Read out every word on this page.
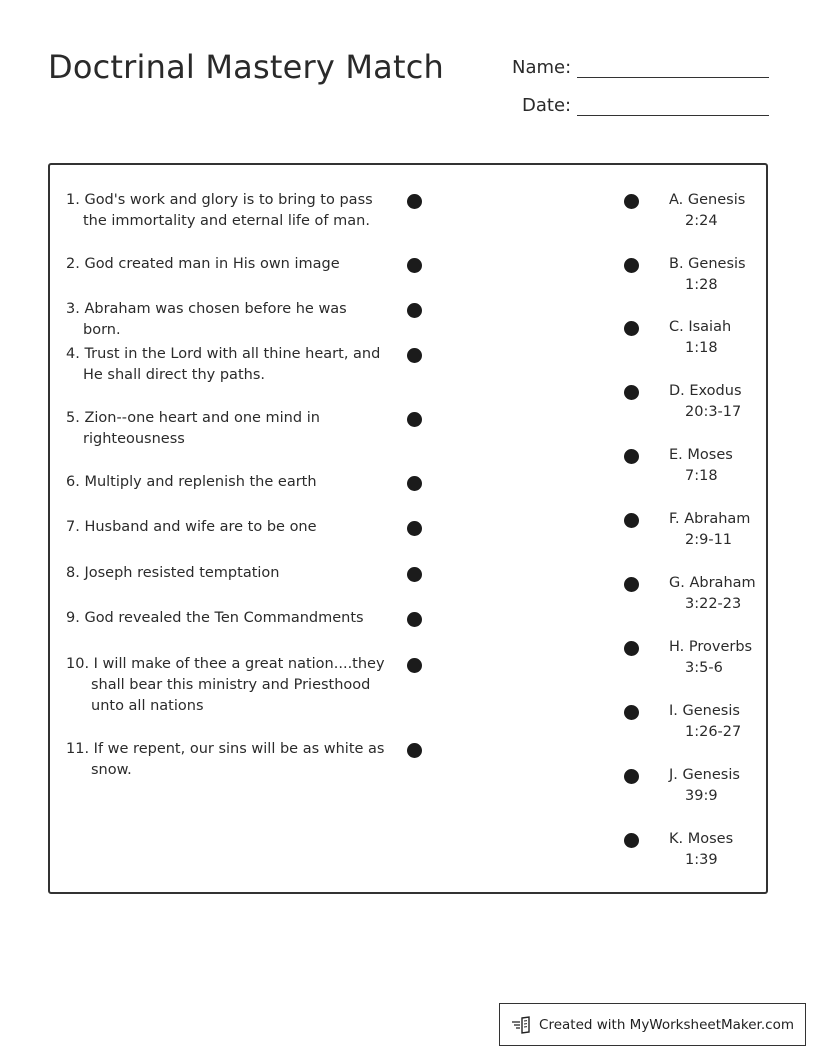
Doctrinal Mastery Match	Name:
Date:
1. God's work and glory is to bring to pass the immortality and eternal life of man.
2. God created man in His own image
3. Abraham was chosen before he was born.
4. Trust in the Lord with all thine heart, and He shall direct thy paths.
5. Zion--one heart and one mind in righteousness
6. Multiply and replenish the earth
7. Husband and wife are to be one
8. Joseph resisted temptation
9. God revealed the Ten Commandments
10. I will make of thee a great nation....they shall bear this ministry and Priesthood unto all nations
11. If we repent, our sins will be as white as snow.
A. Genesis
2:24
B. Genesis
1:28
C. Isaiah
1:18
D. Exodus
20:3-17
E. Moses
7:18
F. Abraham
2:9-11
G. Abraham
3:22-23
H. Proverbs
3:5-6
I. Genesis
1:26-27
J. Genesis
39:9
K. Moses
1:39
Created with MyWorksheetMaker.com
